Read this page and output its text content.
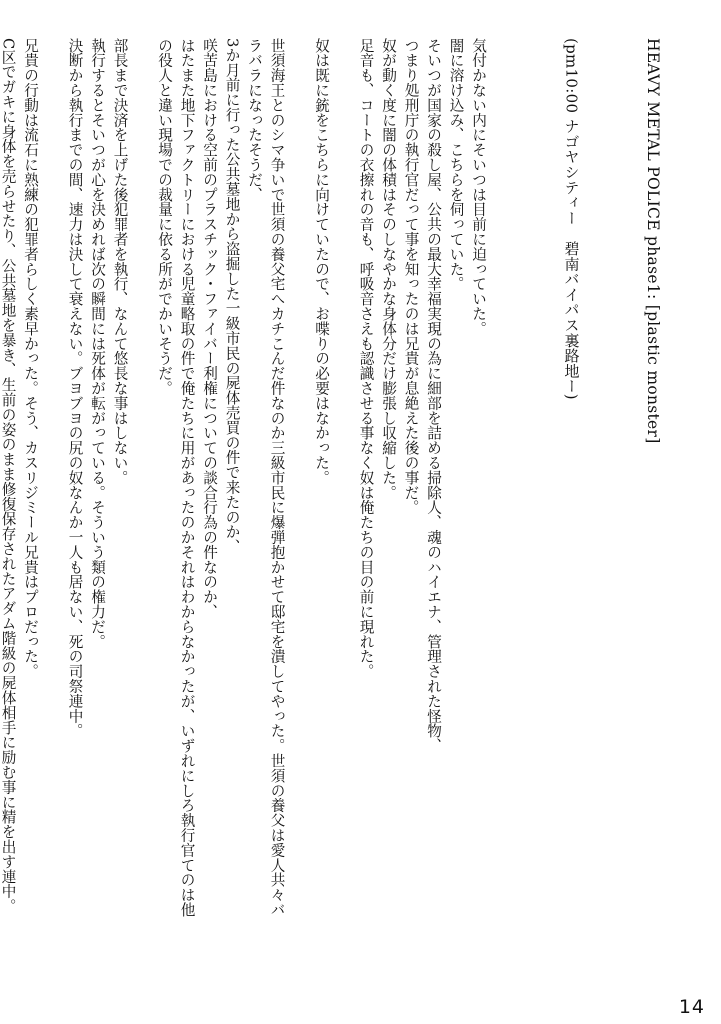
HEAVY METAL POLICE phase1: [plastic monster]

(pm10:00 ナゴヤシティー　碧南バイパス裏路地ー)

気付かない内にそいつは目前に迫っていた。
闇に溶け込み、こちらを伺っていた。
そいつが国家の殺し屋、公共の最大幸福実現の為に細部を詰める掃除人、魂のハイエナ、管理された怪物、
つまり処刑庁の執行官だって事を知ったのは兄貴が息絶えた後の事だ。
奴が動く度に闇の体積はそのしなやかな身体分だけ膨張し収縮した。
足音も、コートの衣擦れの音も、呼吸音さえも認識させる事なく奴は俺たちの目の前に現れた。
奴は既に銃をこちらに向けていたので、お喋りの必要はなかった。
世須海王とのシマ争いで世須の養父宅へカチこんだ件なのか三級市民に爆弾抱かせて邸宅を潰してやった。世須の養父は愛人共々バ
ラバラになったそうだ、
3か月前に行った公共墓地から盗掘した一級市民の屍体売買の件で来たのか、
咲苦島における空前のプラスチック・ファイバー利権についての談合行為の件なのか、
はたまた地下ファクトリーにおける児童略取の件で俺たちに用があったのかそれはわからなかったが、いずれにしろ執行官てのは他
の役人と違い現場での裁量に依る所がでかいそうだ。
部長まで決済を上げた後犯罪者を執行、なんて悠長な事はしない。
執行するとそいつが心を決めれば次の瞬間には死体が転がっている。そういう類の権力だ。
決断から執行までの間、速力は決して衰えない。ブヨブヨの尻の奴なんか一人も居ない、死の司祭連中。
兄貴の行動は流石に熟練の犯罪者らしく素早かった。そう、カスリジミール兄貴はプロだった。
C区でガキに身体を売らせたり、公共墓地を暴き、生前の姿のまま修復保存されたアダム階級の屍体相手に励む事に精を出す連中。

14
